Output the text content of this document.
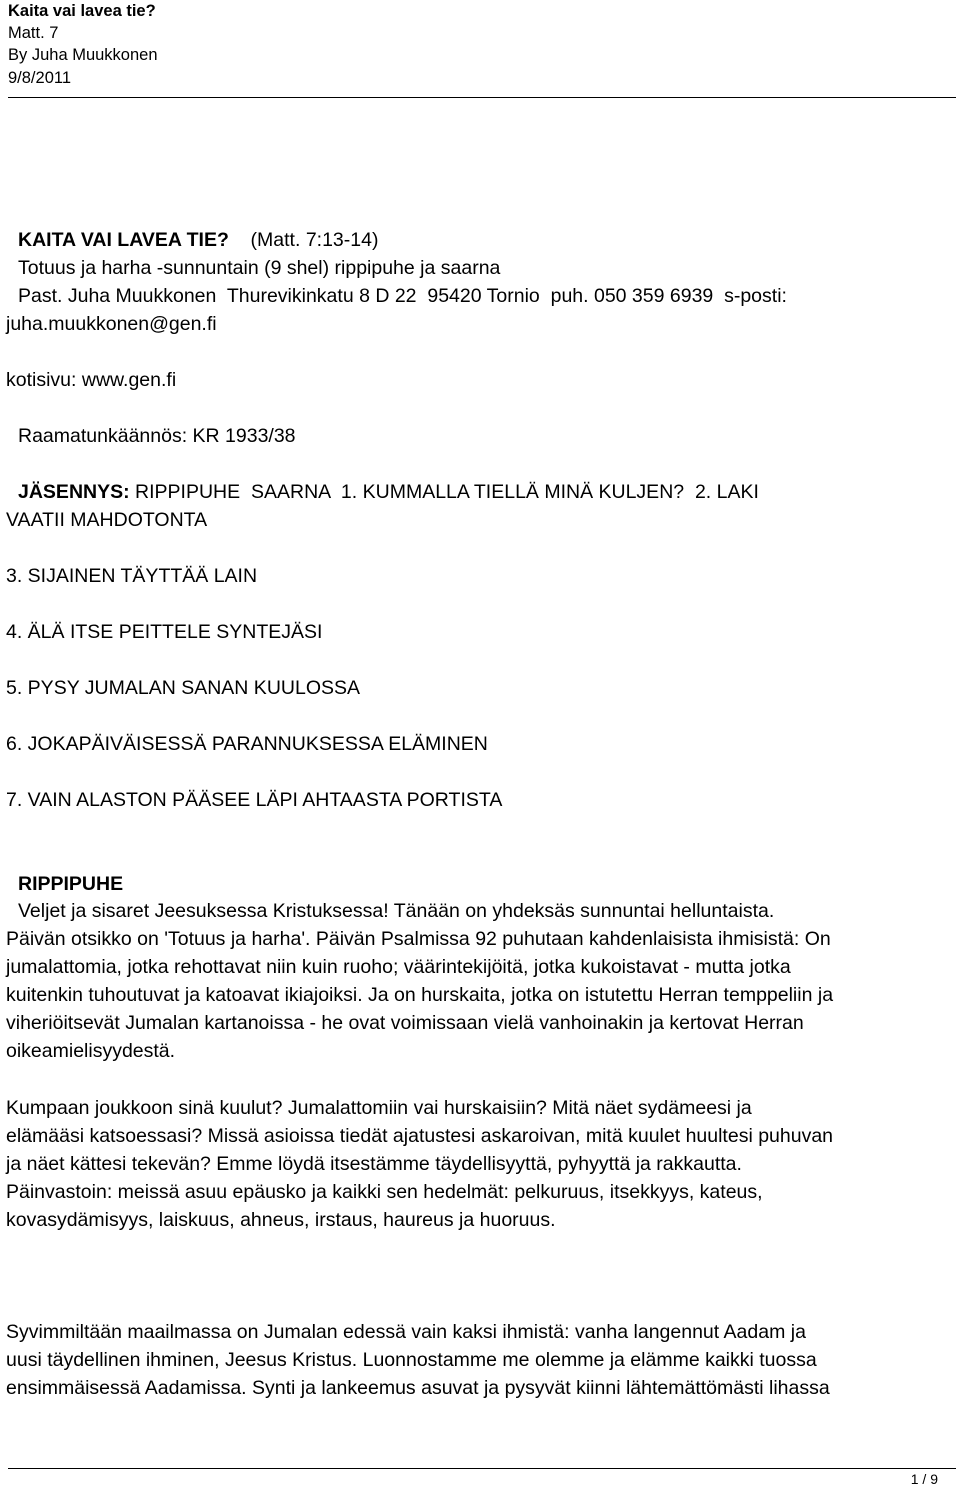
Kaita vai lavea tie?
Matt. 7
By Juha Muukkonen
9/8/2011
KAITA VAI LAVEA TIE?    (Matt. 7:13-14)
Totuus ja harha -sunnuntain (9 shel) rippipuhe ja saarna
Past. Juha Muukkonen  Thurevikinkatu 8 D 22  95420 Tornio  puh. 050 359 6939  s-posti:
juha.muukkonen@gen.fi
kotisivu: www.gen.fi
Raamatunkäännös: KR 1933/38
JÄSENNYS: RIPPIPUHE  SAARNA  1. KUMMALLA TIELLÄ MINÄ KULJEN?  2. LAKI
VAATII MAHDOTONTA
3. SIJAINEN TÄYTTÄÄ LAIN
4. ÄLÄ ITSE PEITTELE SYNTEJÄSI
5. PYSY JUMALAN SANAN KUULOSSA
6. JOKAPÄIVÄISESSÄ PARANNUKSESSA ELÄMINEN
7. VAIN ALASTON PÄÄSEE LÄPI AHTAASTA PORTISTA
RIPPIPUHE

Veljet ja sisaret Jeesuksessa Kristuksessa! Tänään on yhdeksäs sunnuntai helluntaista.

Päivän otsikko on 'Totuus ja harha'. Päivän Psalmissa 92 puhutaan kahdenlaisista ihmisistä: On

jumalattomia, jotka rehottavat niin kuin ruoho; väärintekijöitä, jotka kukoistavat - mutta jotka

kuitenkin tuhoutuvat ja katoavat ikiajoiksi. Ja on hurskaita, jotka on istutettu Herran temppeliin ja

viheriöitsevät Jumalan kartanoissa - he ovat voimissaan vielä vanhoinakin ja kertovat Herran

oikeamielisyydestä.

Kumpaan joukkoon sinä kuulut? Jumalattomiin vai hurskaisiin? Mitä näet sydämeesi ja

elämääsi katsoessasi? Missä asioissa tiedät ajatustesi askaroivan, mitä kuulet huultesi puhuvan

ja näet kättesi tekevän? Emme löydä itsestämme täydellisyyttä, pyhyyttä ja rakkautta.

Päinvastoin: meissä asuu epäusko ja kaikki sen hedelmät: pelkuruus, itsekkyys, kateus,

kovasydämisyys, laiskuus, ahneus, irstaus, haureus ja huoruus.

Syvimmiltään maailmassa on Jumalan edessä vain kaksi ihmistä: vanha langennut Aadam ja

uusi täydellinen ihminen, Jeesus Kristus. Luonnostamme me olemme ja elämme kaikki tuossa

ensimmäisessä Aadamissa. Synti ja lankeemus asuvat ja pysyvät kiinni lähtemättömästi lihassa

1 / 9
